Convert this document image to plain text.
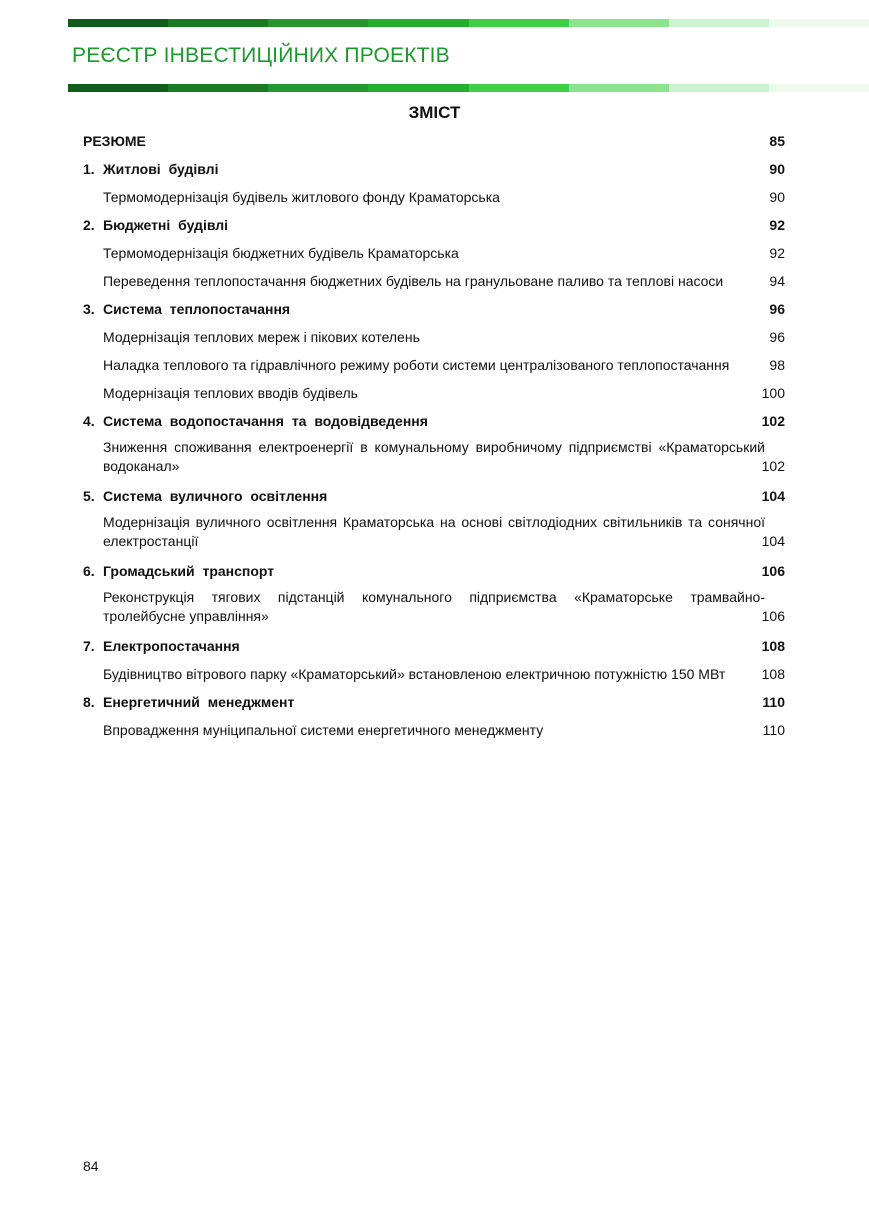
РЕЄСТР ІНВЕСТИЦІЙНИХ ПРОЕКТІВ
ЗМІСТ
РЕЗЮМЕ	85
1. Житлові будівлі	90
Термомодернізація будівель житлового фонду Краматорська	90
2. Бюджетні будівлі	92
Термомодернізація бюджетних будівель Краматорська	92
Переведення теплопостачання бюджетних будівель на гранульоване паливо та теплові насоси	94
3. Система теплопостачання	96
Модернізація теплових мереж і пікових котелень	96
Наладка теплового та гідравлічного режиму роботи системи централізованого теплопостачання	98
Модернізація теплових вводів будівель	100
4. Система водопостачання та водовідведення	102
Зниження споживання електроенергії в комунальному виробничому підприємстві «Краматорський водоканал»	102
5. Система вуличного освітлення	104
Модернізація вуличного освітлення Краматорська на основі світлодіодних світильників та сонячної електростанції	104
6. Громадський транспорт	106
Реконструкція тягових підстанцій комунального підприємства «Краматорське трамвайно-тролейбусне управління»	106
7. Електропостачання	108
Будівництво вітрового парку «Краматорський» встановленою електричною потужністю 150 МВт	108
8. Енергетичний менеджмент	110
Впровадження муніципальної системи енергетичного менеджменту	110
84
